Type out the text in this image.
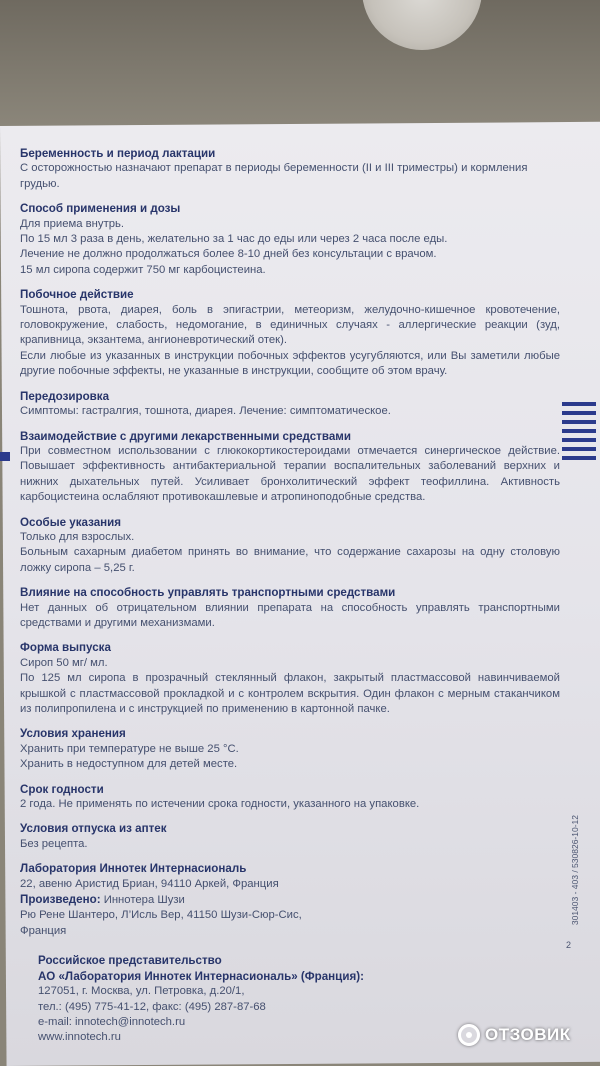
Беременность и период лактации
С осторожностью назначают препарат в периоды беременности (II и III триместры) и кормления грудью.
Способ применения и дозы
Для приема внутрь.
По 15 мл 3 раза в день, желательно за 1 час до еды или через 2 часа после еды.
Лечение не должно продолжаться более 8-10 дней без консультации с врачом.
15 мл сиропа содержит 750 мг карбоцистеина.
Побочное действие
Тошнота, рвота, диарея, боль в эпигастрии, метеоризм, желудочно-кишечное кровотечение, головокружение, слабость, недомогание, в единичных случаях - аллергические реакции (зуд, крапивница, экзантема, ангионевротический отек).
Если любые из указанных в инструкции побочных эффектов усугубляются, или Вы заметили любые другие побочные эффекты, не указанные в инструкции, сообщите об этом врачу.
Передозировка
Симптомы: гастралгия, тошнота, диарея. Лечение: симптоматическое.
Взаимодействие с другими лекарственными средствами
При совместном использовании с глюкокортикостероидами отмечается синергическое действие. Повышает эффективность антибактериальной терапии воспалительных заболеваний верхних и нижних дыхательных путей. Усиливает бронхолитический эффект теофиллина. Активность карбоцистеина ослабляют противокашлевые и атропиноподобные средства.
Особые указания
Только для взрослых.
Больным сахарным диабетом принять во внимание, что содержание сахарозы на одну столовую ложку сиропа – 5,25 г.
Влияние на способность управлять транспортными средствами
Нет данных об отрицательном влиянии препарата на способность управлять транспортными средствами и другими механизмами.
Форма выпуска
Сироп 50 мг/ мл.
По 125 мл сиропа в прозрачный стеклянный флакон, закрытый пластмассовой навинчиваемой крышкой с пластмассовой прокладкой и с контролем вскрытия. Один флакон с мерным стаканчиком из полипропилена и с инструкцией по применению в картонной пачке.
Условия хранения
Хранить при температуре не выше 25 °С.
Хранить в недоступном для детей месте.
Срок годности
2 года. Не применять по истечении срока годности, указанного на упаковке.
Условия отпуска из аптек
Без рецепта.
Лаборатория Иннотек Интернасиональ
22, авеню Аристид Бриан, 94110 Аркей, Франция
Произведено: Иннотера Шузи
Рю Рене Шантеро, Л’Исль Вер, 41150 Шузи-Сюр-Сис,
Франция
Российское представительство
АО «Лаборатория Иннотек Интернасиональ» (Франция):
127051, г. Москва, ул. Петровка, д.20/1,
тел.: (495) 775-41-12, факс: (495) 287-87-68
e-mail: innotech@innotech.ru
www.innotech.ru
301403 - 403 / 530826-10-12
2
ОТЗОВИК
